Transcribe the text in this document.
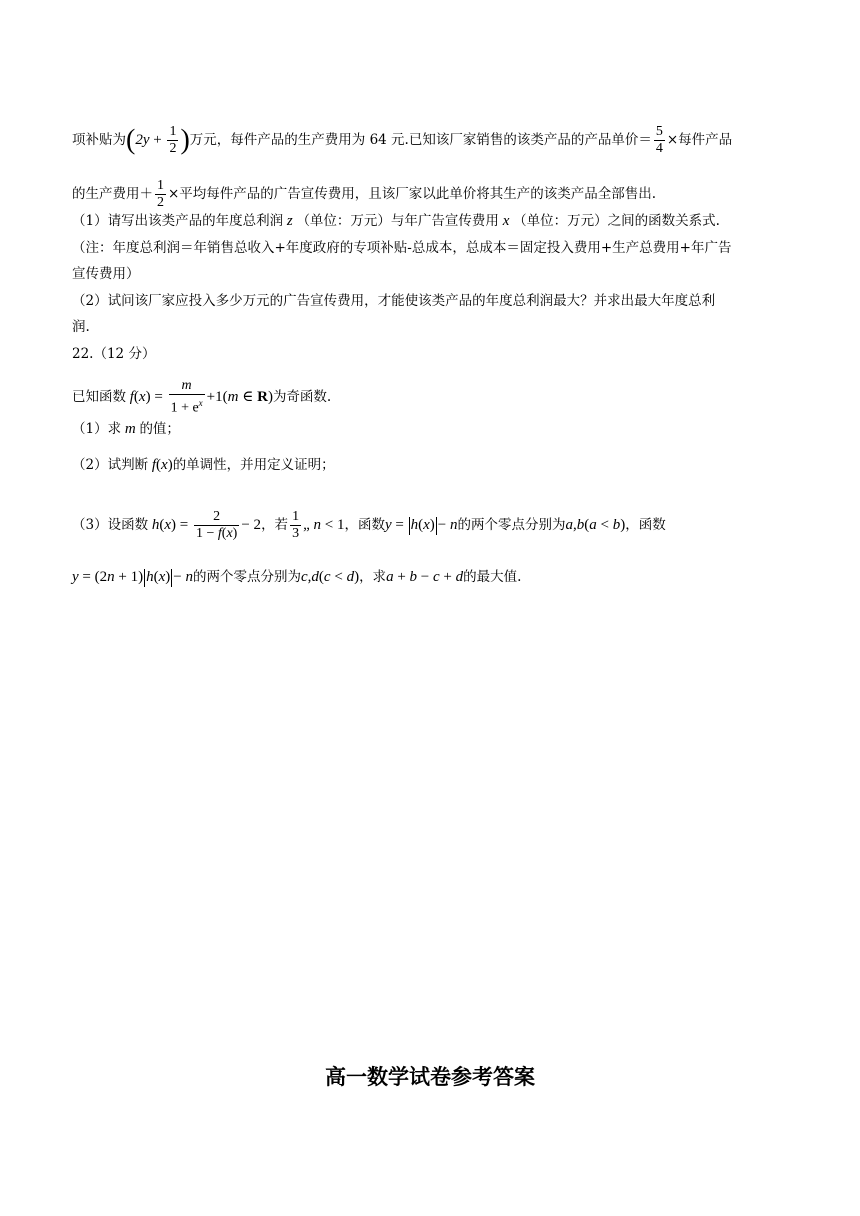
项补贴为($2y + \frac{1}{2}$ )万元，每件产品的生产费用为 64 元.已知该厂家销售的该类产品的产品单价＝ $\frac{5}{4}$ ×每件产品
的生产费用＋ $\frac{1}{2}$ ×平均每件产品的广告宣传费用，且该厂家以此单价将其生产的该类产品全部售出.
（1）请写出该类产品的年度总利润 z （单位：万元）与年广告宣传费用 x （单位：万元）之间的函数关系式.
（注：年度总利润＝年销售总收入+年度政府的专项补贴-总成本，总成本＝固定投入费用+生产总费用+年广告
宣传费用）
（2）试问该厂家应投入多少万元的广告宣传费用，才能使该类产品的年度总利润最大？并求出最大年度总利
润.
22.（12 分）
已知函数 $f(x) = \frac{m}{1 + e^x} +1(m$ ∈ R)为奇函数.
（1）求 m 的值；
（2）试判断 f(x)的单调性，并用定义证明；
（3）设函数 $h(x) = \frac{2}{1 - f(x)} - 2$，若 $\frac{1}{3}$ „ n < 1，函数y = h(x) − n的两个零点分别为a,b(a < b)，函数
y = (2n + 1) h(x) − n的两个零点分别为c,d(c < d)，求a + b − c + d的最大值.
高一数学试卷参考答案
